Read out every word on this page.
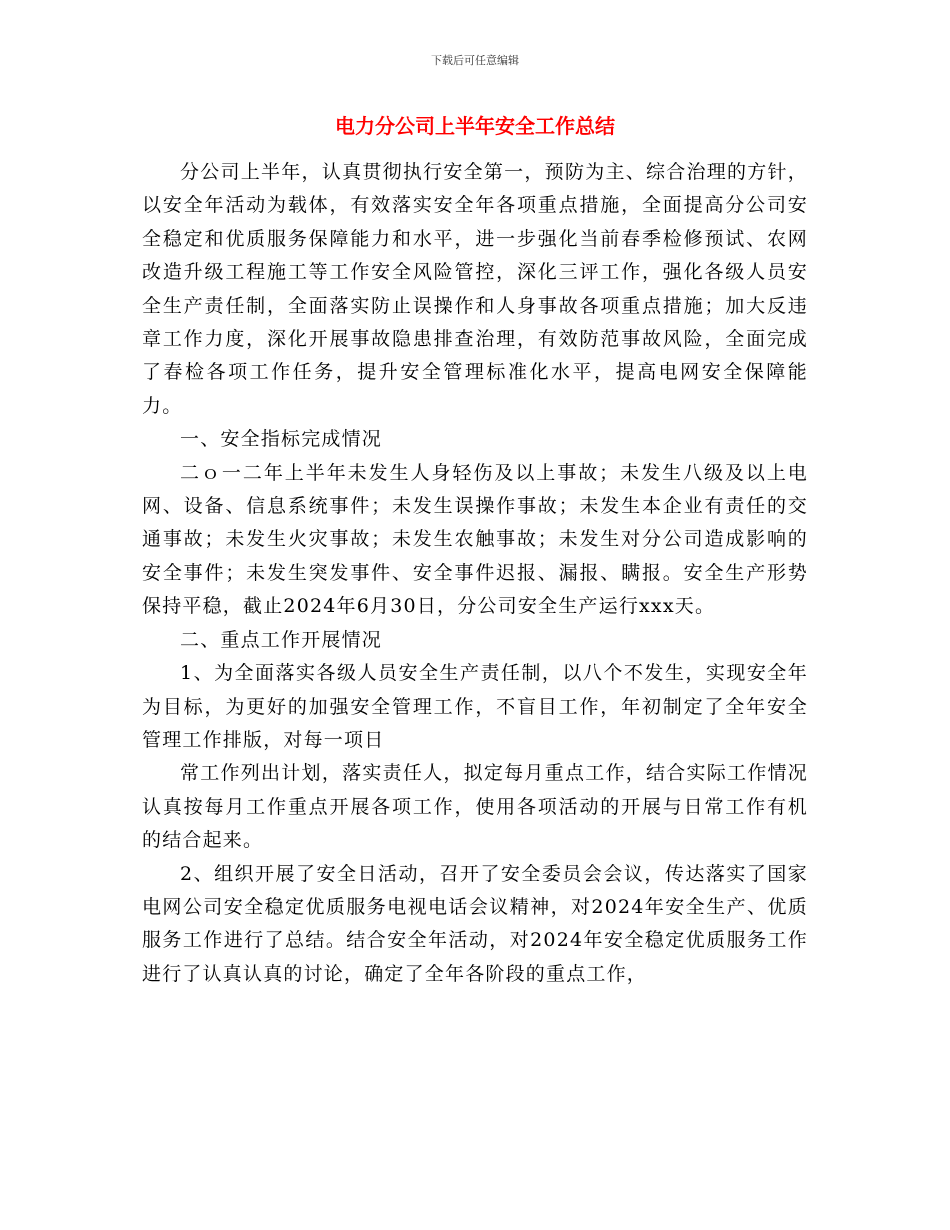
下载后可任意编辑
电力分公司上半年安全工作总结

分公司上半年，认真贯彻执行安全第一，预防为主、综合治理的方针，以安全年活动为载体，有效落实安全年各项重点措施，全面提高分公司安全稳定和优质服务保障能力和水平，进一步强化当前春季检修预试、农网改造升级工程施工等工作安全风险管控，深化三评工作，强化各级人员安全生产责任制，全面落实防止误操作和人身事故各项重点措施；加大反违章工作力度，深化开展事故隐患排查治理，有效防范事故风险，全面完成了春检各项工作任务，提升安全管理标准化水平，提高电网安全保障能力。

一、安全指标完成情况

二ｏ一二年上半年未发生人身轻伤及以上事故；未发生八级及以上电网、设备、信息系统事件；未发生误操作事故；未发生本企业有责任的交通事故；未发生火灾事故；未发生农触事故；未发生对分公司造成影响的安全事件；未发生突发事件、安全事件迟报、漏报、瞒报。安全生产形势保持平稳，截止2024年6月30日，分公司安全生产运行xxx天。

二、重点工作开展情况

1、为全面落实各级人员安全生产责任制，以八个不发生，实现安全年为目标，为更好的加强安全管理工作，不盲目工作，年初制定了全年安全管理工作排版，对每一项日

常工作列出计划，落实责任人，拟定每月重点工作，结合实际工作情况认真按每月工作重点开展各项工作，使用各项活动的开展与日常工作有机的结合起来。

2、组织开展了安全日活动，召开了安全委员会会议，传达落实了国家电网公司安全稳定优质服务电视电话会议精神，对2024年安全生产、优质服务工作进行了总结。结合安全年活动，对2024年安全稳定优质服务工作进行了认真认真的讨论，确定了全年各阶段的重点工作，
